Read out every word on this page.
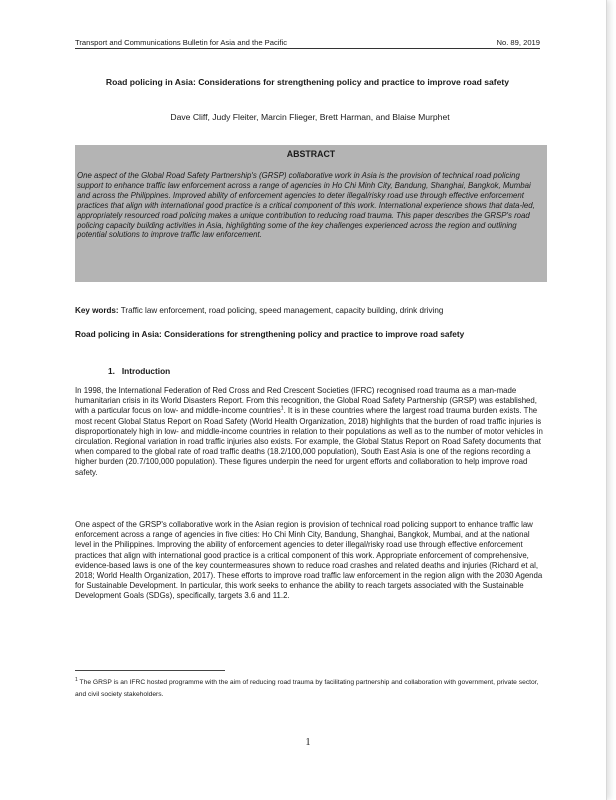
Transport and Communications Bulletin for Asia and the Pacific	No. 89, 2019
Road policing in Asia: Considerations for strengthening policy and practice to improve road safety
Dave Cliff, Judy Fleiter, Marcin Flieger, Brett Harman, and Blaise Murphet
ABSTRACT
One aspect of the Global Road Safety Partnership's (GRSP) collaborative work in Asia is the provision of technical road policing support to enhance traffic law enforcement across a range of agencies in Ho Chi Minh City, Bandung, Shanghai, Bangkok, Mumbai and across the Philippines. Improved ability of enforcement agencies to deter illegal/risky road use through effective enforcement practices that align with international good practice is a critical component of this work. International experience shows that data-led, appropriately resourced road policing makes a unique contribution to reducing road trauma. This paper describes the GRSP's road policing capacity building activities in Asia, highlighting some of the key challenges experienced across the region and outlining potential solutions to improve traffic law enforcement.
Key words: Traffic law enforcement, road policing, speed management, capacity building, drink driving
Road policing in Asia: Considerations for strengthening policy and practice to improve road safety
1. Introduction
In 1998, the International Federation of Red Cross and Red Crescent Societies (IFRC) recognised road trauma as a man-made humanitarian crisis in its World Disasters Report. From this recognition, the Global Road Safety Partnership (GRSP) was established, with a particular focus on low- and middle-income countries$^1$. It is in these countries where the largest road trauma burden exists. The most recent Global Status Report on Road Safety (World Health Organization, 2018) highlights that the burden of road traffic injuries is disproportionately high in low- and middle-income countries in relation to their populations as well as to the number of motor vehicles in circulation. Regional variation in road traffic injuries also exists. For example, the Global Status Report on Road Safety documents that when compared to the global rate of road traffic deaths (18.2/100,000 population), South East Asia is one of the regions recording a higher burden (20.7/100,000 population). These figures underpin the need for urgent efforts and collaboration to help improve road safety.
One aspect of the GRSP's collaborative work in the Asian region is provision of technical road policing support to enhance traffic law enforcement across a range of agencies in five cities: Ho Chi Minh City, Bandung, Shanghai, Bangkok, Mumbai, and at the national level in the Philippines. Improving the ability of enforcement agencies to deter illegal/risky road use through effective enforcement practices that align with international good practice is a critical component of this work. Appropriate enforcement of comprehensive, evidence-based laws is one of the key countermeasures shown to reduce road crashes and related deaths and injuries (Richard et al, 2018; World Health Organization, 2017). These efforts to improve road traffic law enforcement in the region align with the 2030 Agenda for Sustainable Development. In particular, this work seeks to enhance the ability to reach targets associated with the Sustainable Development Goals (SDGs), specifically, targets 3.6 and 11.2.
$^1$ The GRSP is an IFRC hosted programme with the aim of reducing road trauma by facilitating partnership and collaboration with government, private sector, and civil society stakeholders.
1
